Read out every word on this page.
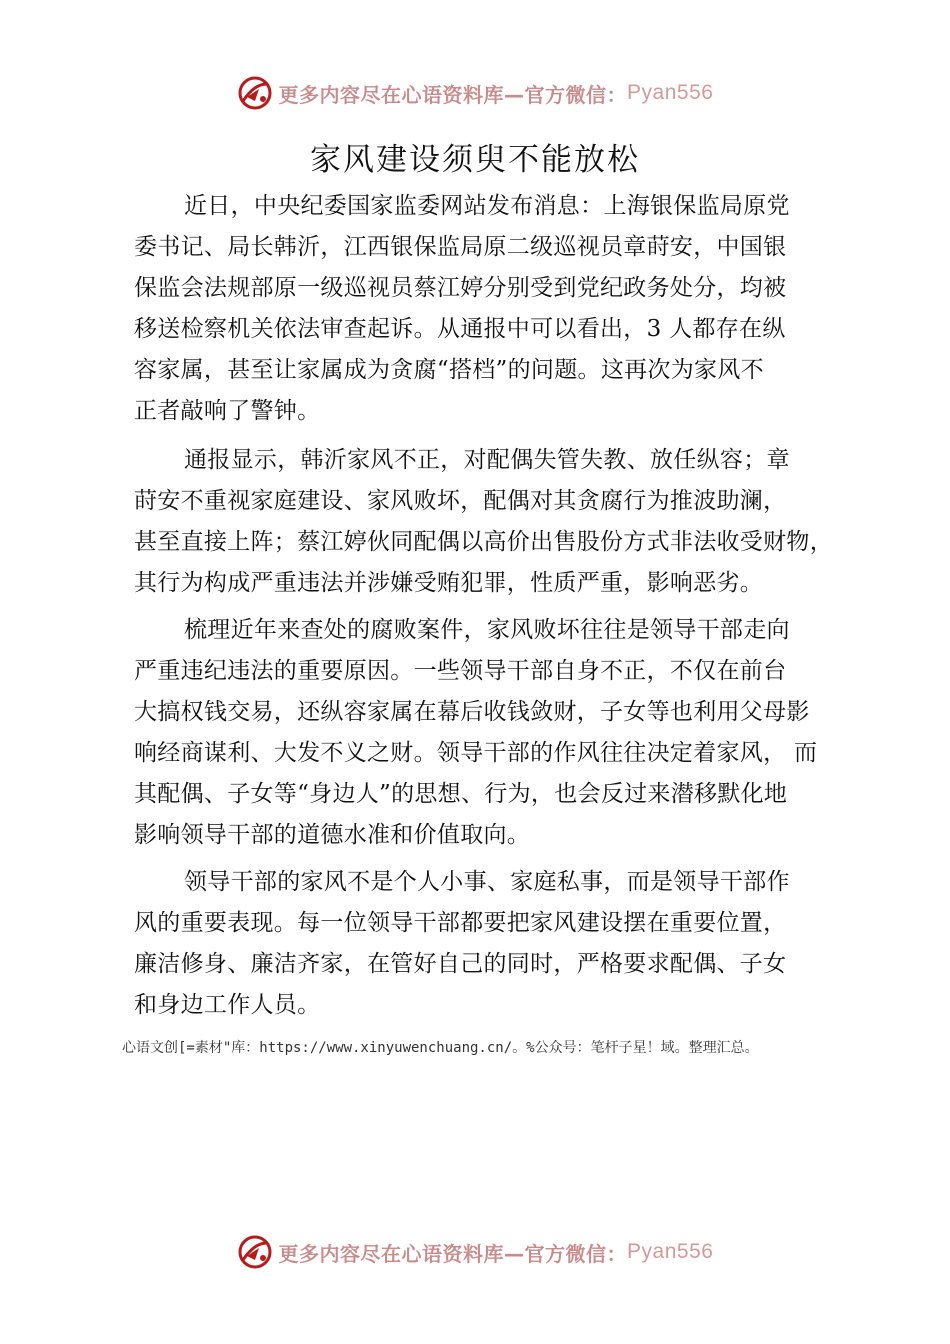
更多内容尽在心语资料库—官方微信： Pyan556
家风建设须臾不能放松

近日，中央纪委国家监委网站发布消息：上海银保监局原党
委书记、局长韩沂，江西银保监局原二级巡视员章莳安，中国银
保监会法规部原一级巡视员蔡江婷分别受到党纪政务处分，均被
移送检察机关依法审查起诉。从通报中可以看出，3 人都存在纵
容家属，甚至让家属成为贪腐“搭档”的问题。这再次为家风不
正者敲响了警钟。

通报显示，韩沂家风不正，对配偶失管失教、放任纵容；章
莳安不重视家庭建设、家风败坏，配偶对其贪腐行为推波助澜，
甚至直接上阵；蔡江婷伙同配偶以高价出售股份方式非法收受财物，
其行为构成严重违法并涉嫌受贿犯罪，性质严重，影响恶劣。

梳理近年来查处的腐败案件，家风败坏往往是领导干部走向
严重违纪违法的重要原因。一些领导干部自身不正，不仅在前台
大搞权钱交易，还纵容家属在幕后收钱敛财，子女等也利用父母影
响经商谋利、大发不义之财。领导干部的作风往往决定着家风， 而
其配偶、子女等“身边人”的思想、行为，也会反过来潜移默化地
影响领导干部的道德水准和价值取向。

领导干部的家风不是个人小事、家庭私事，而是领导干部作
风的重要表现。每一位领导干部都要把家风建设摆在重要位置，
廉洁修身、廉洁齐家，在管好自己的同时，严格要求配偶、子女
和身边工作人员。

心语文创[=素材"库：https://www.xinyuwenchuang.cn/。%公众号：笔杆子星！域。整理汇总。
更多内容尽在心语资料库—官方微信： Pyan556
